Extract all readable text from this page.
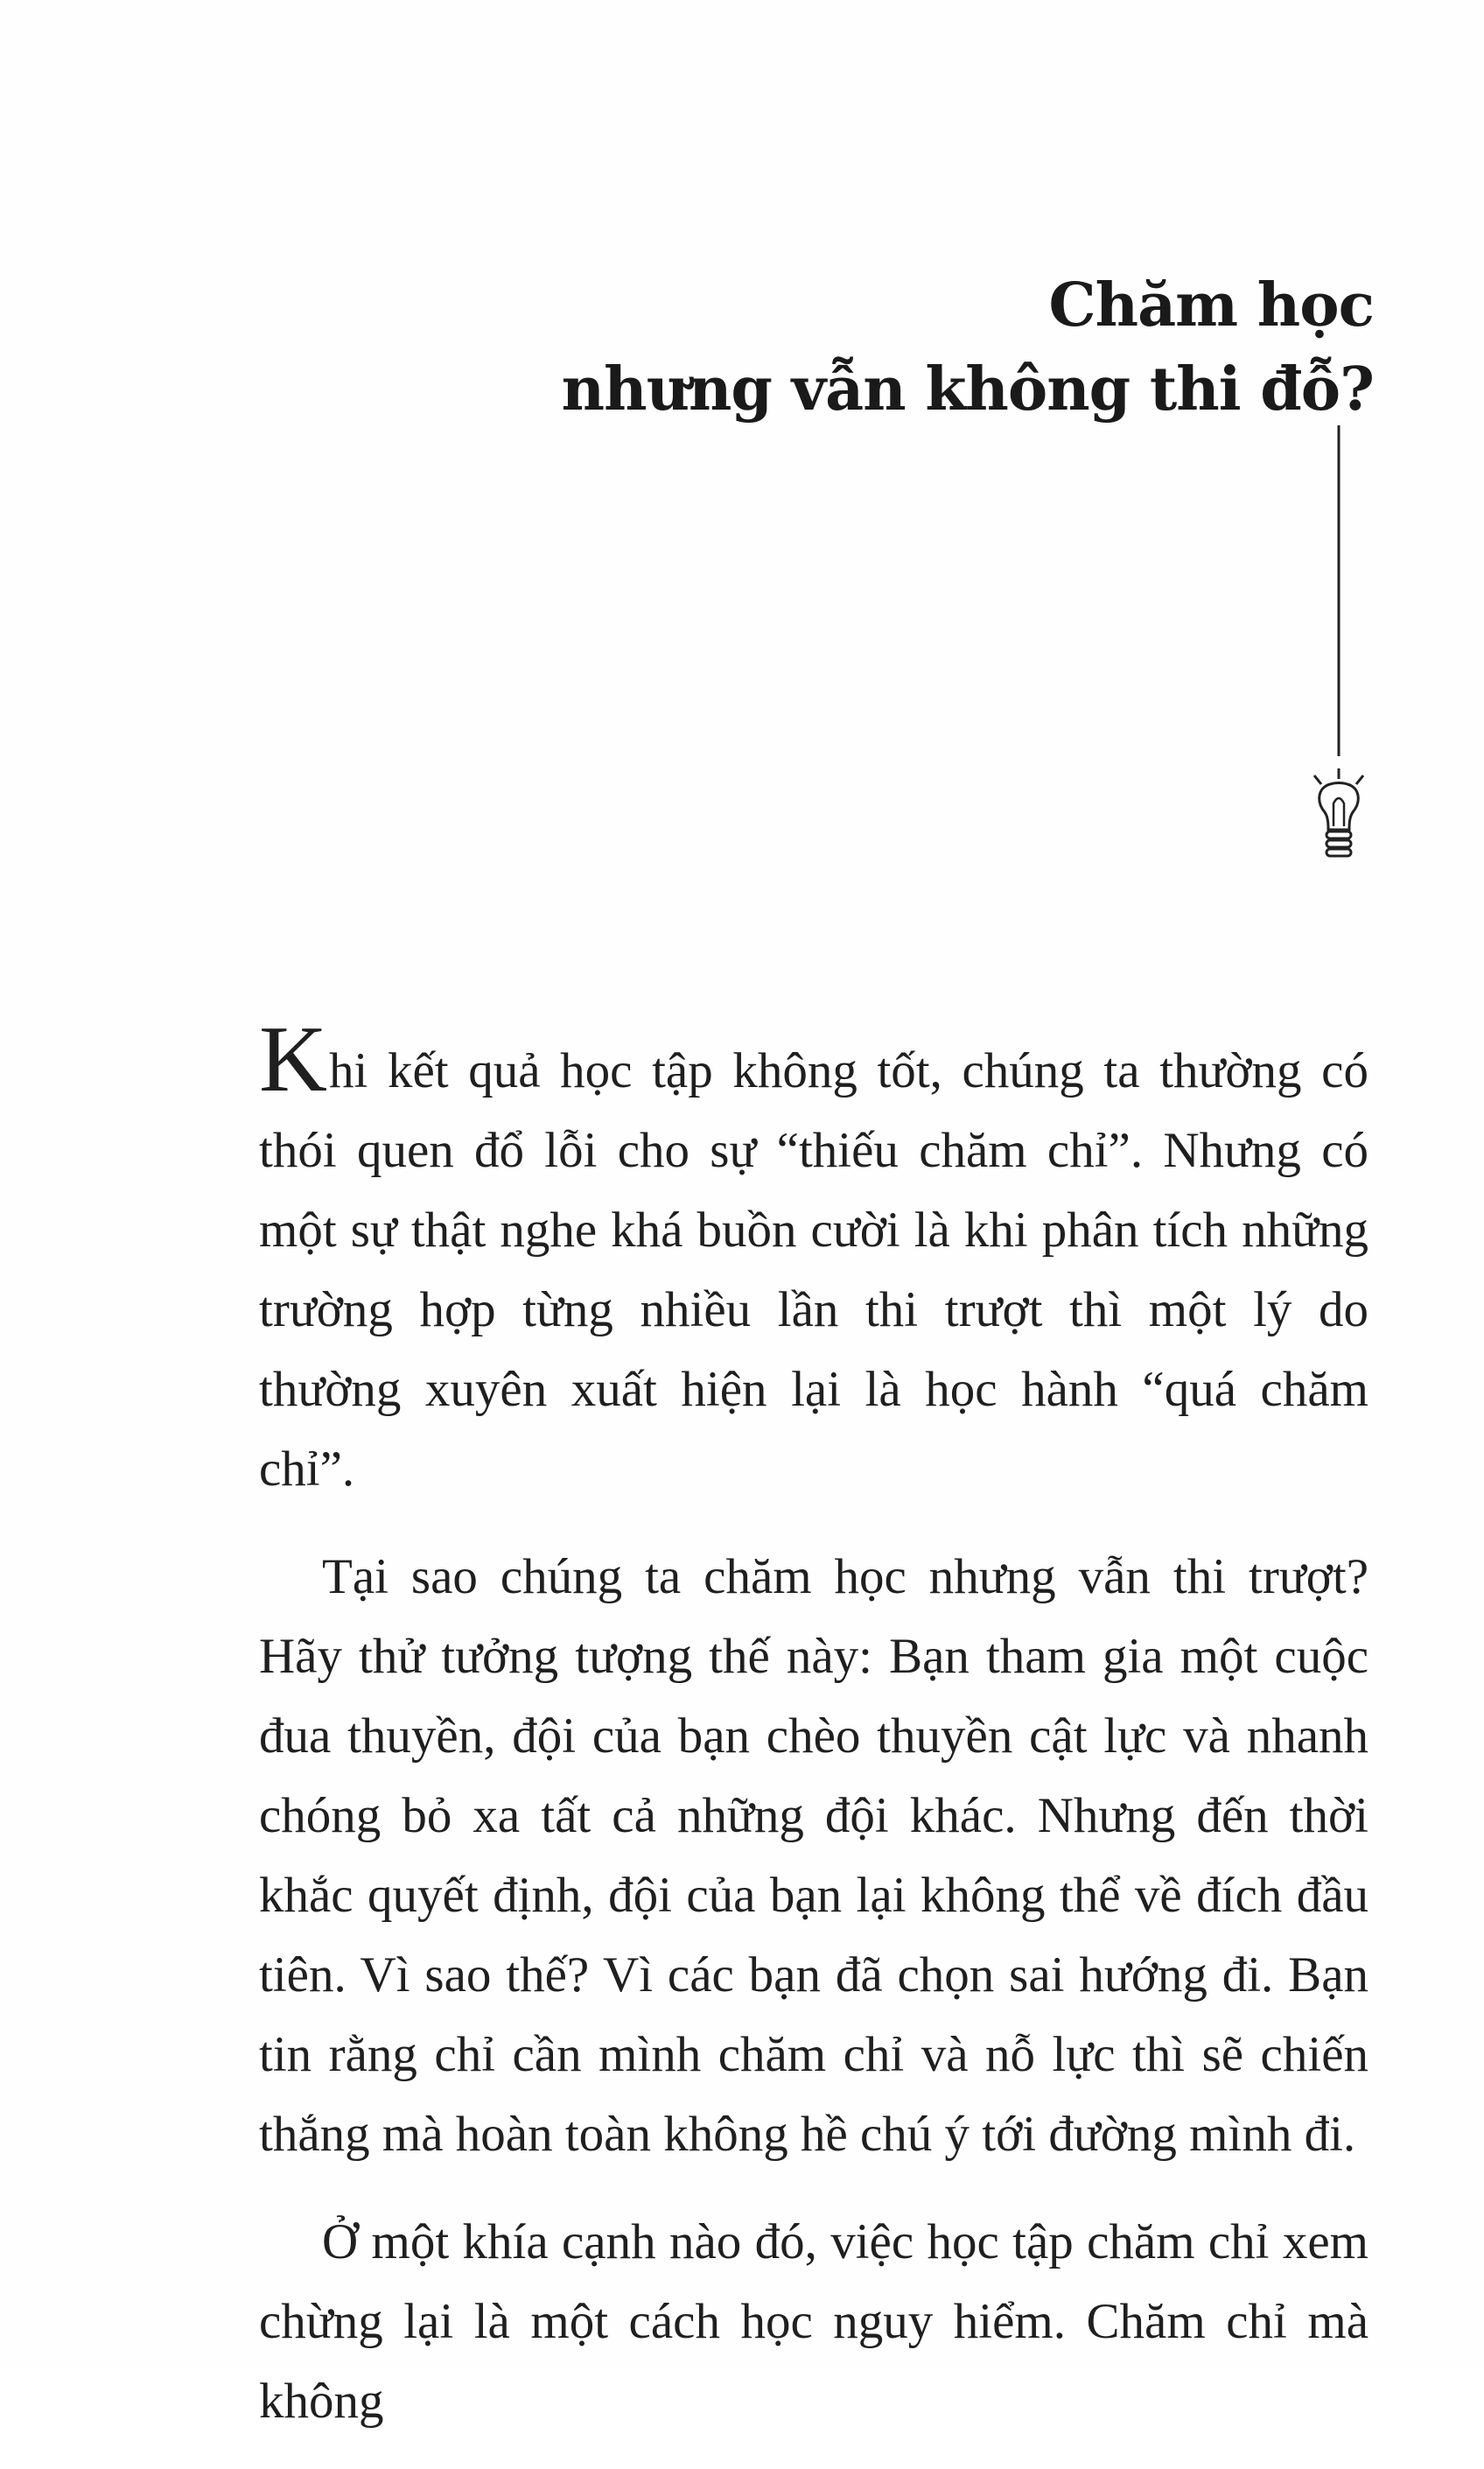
Chăm học
nhưng vẫn không thi đỗ?

Khi kết quả học tập không tốt, chúng ta thường có thói quen đổ lỗi cho sự “thiếu chăm chỉ”. Nhưng có một sự thật nghe khá buồn cười là khi phân tích những trường hợp từng nhiều lần thi trượt thì một lý do thường xuyên xuất hiện lại là học hành “quá chăm chỉ”.

Tại sao chúng ta chăm học nhưng vẫn thi trượt? Hãy thử tưởng tượng thế này: Bạn tham gia một cuộc đua thuyền, đội của bạn chèo thuyền cật lực và nhanh chóng bỏ xa tất cả những đội khác. Nhưng đến thời khắc quyết định, đội của bạn lại không thể về đích đầu tiên. Vì sao thế? Vì các bạn đã chọn sai hướng đi. Bạn tin rằng chỉ cần mình chăm chỉ và nỗ lực thì sẽ chiến thắng mà hoàn toàn không hề chú ý tới đường mình đi.

Ở một khía cạnh nào đó, việc học tập chăm chỉ xem chừng lại là một cách học nguy hiểm. Chăm chỉ mà không
